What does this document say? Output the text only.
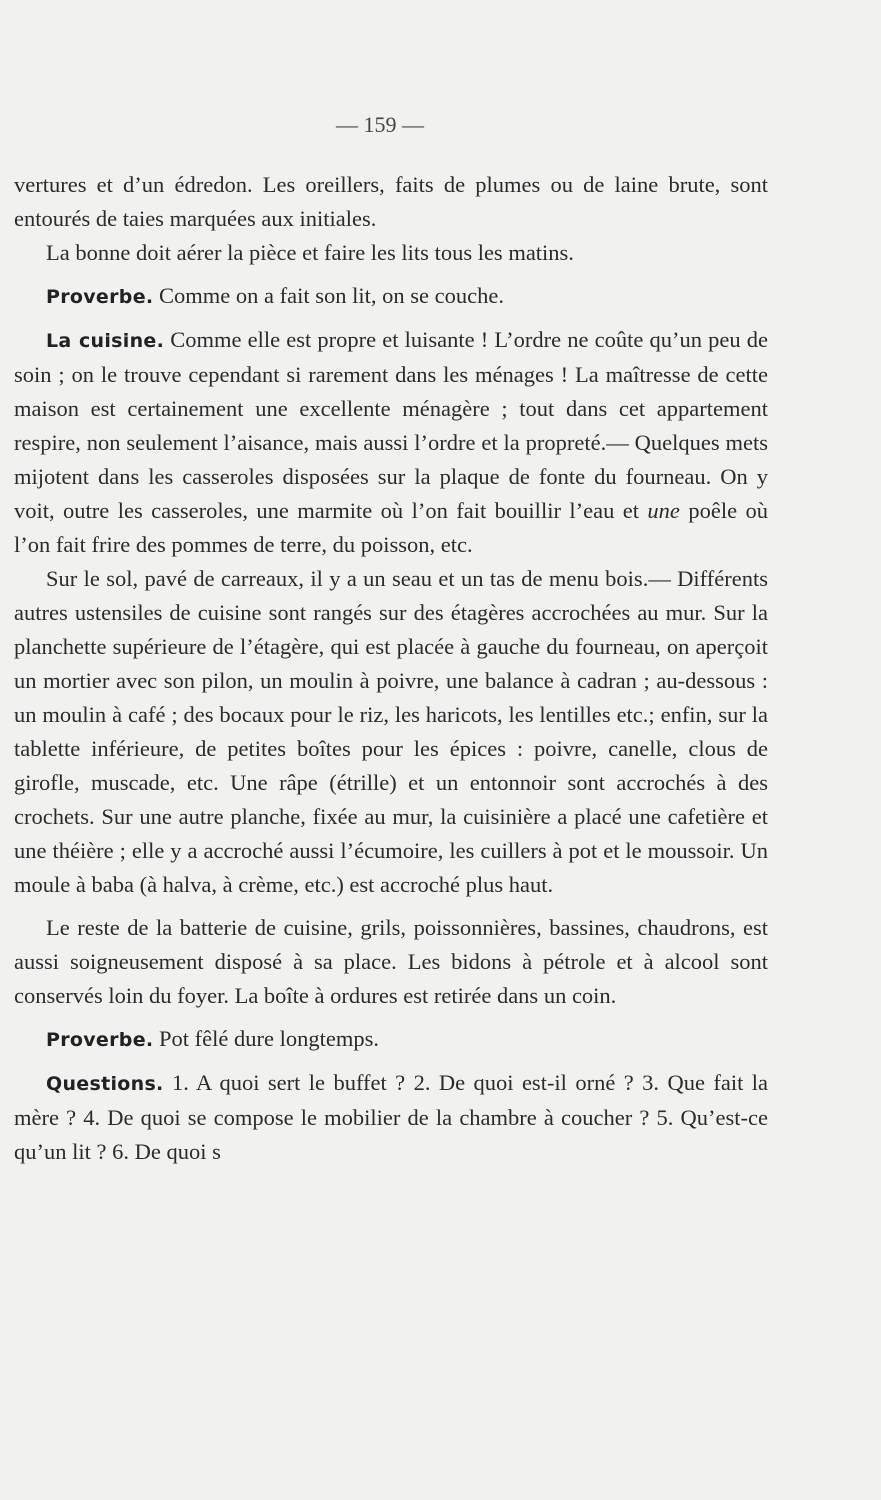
— 159 —

vertures et d’un édredon. Les oreillers, faits de plumes ou de laine brute, sont entourés de taies marquées aux initiales.

La bonne doit aérer la pièce et faire les lits tous les matins.

Proverbe. Comme on a fait son lit, on se couche.

La cuisine. Comme elle est propre et luisante ! L’ordre ne coûte qu’un peu de soin ; on le trouve cependant si rarement dans les ménages ! La maîtresse de cette maison est certainement une excellente ménagère ; tout dans cet appartement respire, non seulement l’aisance, mais aussi l’ordre et la propreté.— Quelques mets mijotent dans les casseroles disposées sur la plaque de fonte du fourneau. On y voit, outre les casseroles, une marmite où l’on fait bouillir l’eau et une poêle où l’on fait frire des pommes de terre, du poisson, etc.

Sur le sol, pavé de carreaux, il y a un seau et un tas de menu bois.— Différents autres ustensiles de cuisine sont rangés sur des étagères accrochées au mur. Sur la planchette supérieure de l’étagère, qui est placée à gauche du fourneau, on aperçoit un mortier avec son pilon, un moulin à poivre, une balance à cadran ; au-dessous : un moulin à café ; des bocaux pour le riz, les haricots, les lentilles etc.; enfin, sur la tablette inférieure, de petites boîtes pour les épices : poivre, canelle, clous de girofle, muscade, etc. Une râpe (étrille) et un entonnoir sont accrochés à des crochets. Sur une autre planche, fixée au mur, la cuisinière a placé une cafetière et une théière ; elle y a accroché aussi l’écumoire, les cuillers à pot et le moussoir. Un moule à baba (à halva, à crème, etc.) est accroché plus haut.

Le reste de la batterie de cuisine, grils, poissonnières, bassines, chaudrons, est aussi soigneusement disposé à sa place. Les bidons à pétrole et à alcool sont conservés loin du foyer. La boîte à ordures est retirée dans un coin.

Proverbe. Pot fêlé dure longtemps.

Questions. 1. A quoi sert le buffet ? 2. De quoi est-il orné ? 3. Que fait la mère ? 4. De quoi se compose le mobilier de la chambre à coucher ? 5. Qu’est-ce qu’un lit ? 6. De quoi s
